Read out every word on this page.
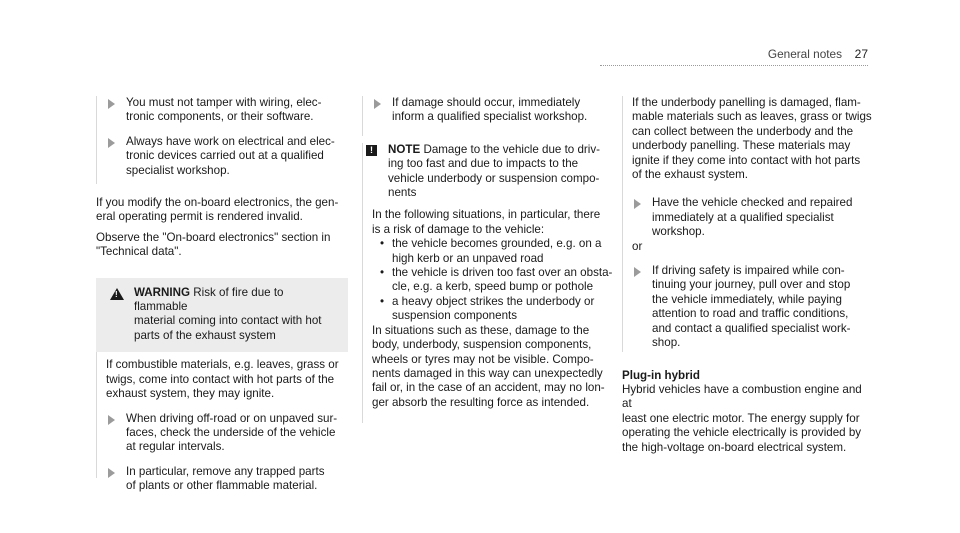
General notes 27

You must not tamper with wiring, elec-
tronic components, or their software.

Always have work on electrical and elec-
tronic devices carried out at a qualified
specialist workshop.

If you modify the on-board electronics, the gen-
eral operating permit is rendered invalid.

Observe the "On-board electronics" section in
"Technical data".

! WARNING Risk of fire due to flammable
material coming into contact with hot
parts of the exhaust system

If combustible materials, e.g. leaves, grass or
twigs, come into contact with hot parts of the
exhaust system, they may ignite.

When driving off-road or on unpaved sur-
faces, check the underside of the vehicle
at regular intervals.

In particular, remove any trapped parts
of plants or other flammable material.

If damage should occur, immediately
inform a qualified specialist workshop.

!	NOTE Damage to the vehicle due to driv-
ing too fast and due to impacts to the
vehicle underbody or suspension compo-
nents

In the following situations, in particular, there
is a risk of damage to the vehicle:

• the vehicle becomes grounded, e.g. on a
high kerb or an unpaved road
• the vehicle is driven too fast over an obsta-
cle, e.g. a kerb, speed bump or pothole
• a heavy object strikes the underbody or
suspension components

In situations such as these, damage to the
body, underbody, suspension components,
wheels or tyres may not be visible. Compo-
nents damaged in this way can unexpectedly
fail or, in the case of an accident, may no lon-
ger absorb the resulting force as intended.

If the underbody panelling is damaged, flam-
mable materials such as leaves, grass or twigs
can collect between the underbody and the
underbody panelling. These materials may
ignite if they come into contact with hot parts
of the exhaust system.

Have the vehicle checked and repaired
immediately at a qualified specialist
workshop.

or

If driving safety is impaired while con-
tinuing your journey, pull over and stop
the vehicle immediately, while paying
attention to road and traffic conditions,
and contact a qualified specialist work-
shop.

Plug-in hybrid

Hybrid vehicles have a combustion engine and at
least one electric motor. The energy supply for
operating the vehicle electrically is provided by
the high-voltage on-board electrical system.
